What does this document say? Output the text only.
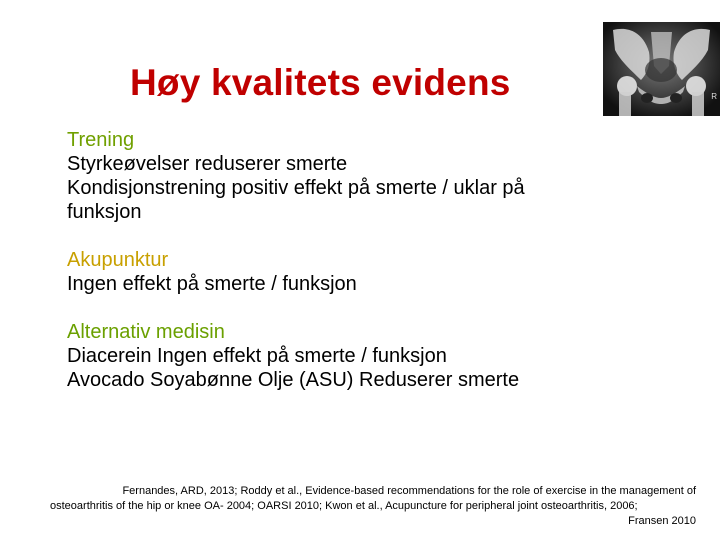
Høy kvalitets evidens	R
Trening
Styrkeøvelser reduserer smerte
Kondisjonstrening positiv effekt på smerte / uklar på
funksjon
Akupunktur
Ingen effekt på smerte / funksjon
Alternativ medisin
Diacerein Ingen effekt på smerte / funksjon
Avocado Soyabønne Olje (ASU) Reduserer smerte
Fernandes, ARD, 2013; Roddy et al., Evidence-based recommendations for the role of exercise in the management of
osteoarthritis of the hip or knee OA- 2004; OARSI 2010; Kwon et al., Acupuncture for peripheral joint osteoarthritis, 2006;
Fransen 2010
